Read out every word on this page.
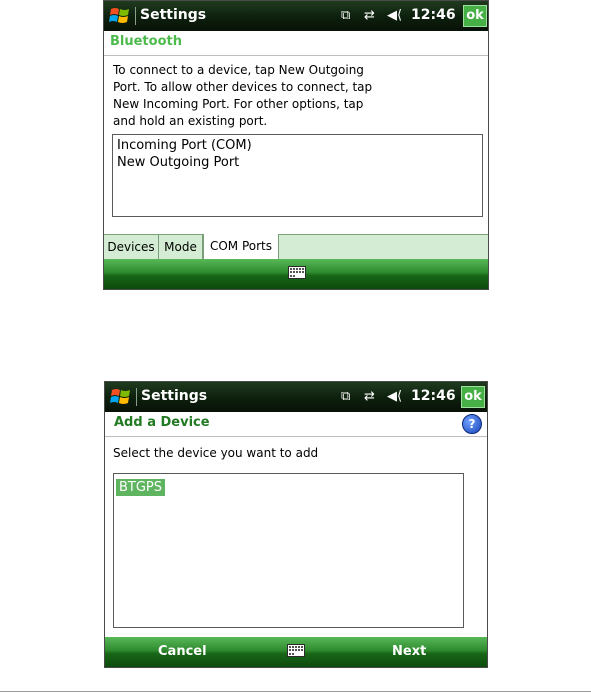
Settings	⧉ ⇄ ◀⟨ 12:46 ok
Bluetooth
To connect to a device, tap New Outgoing
Port. To allow other devices to connect, tap
New Incoming Port. For other options, tap
and hold an existing port.
Incoming Port (COM)
New Outgoing Port
Devices Mode	COM Ports
Settings	⧉ ⇄ ◀⟨ 12:46 ok
Add a Device	?
Select the device you want to add
BTGPS
Cancel	Next
